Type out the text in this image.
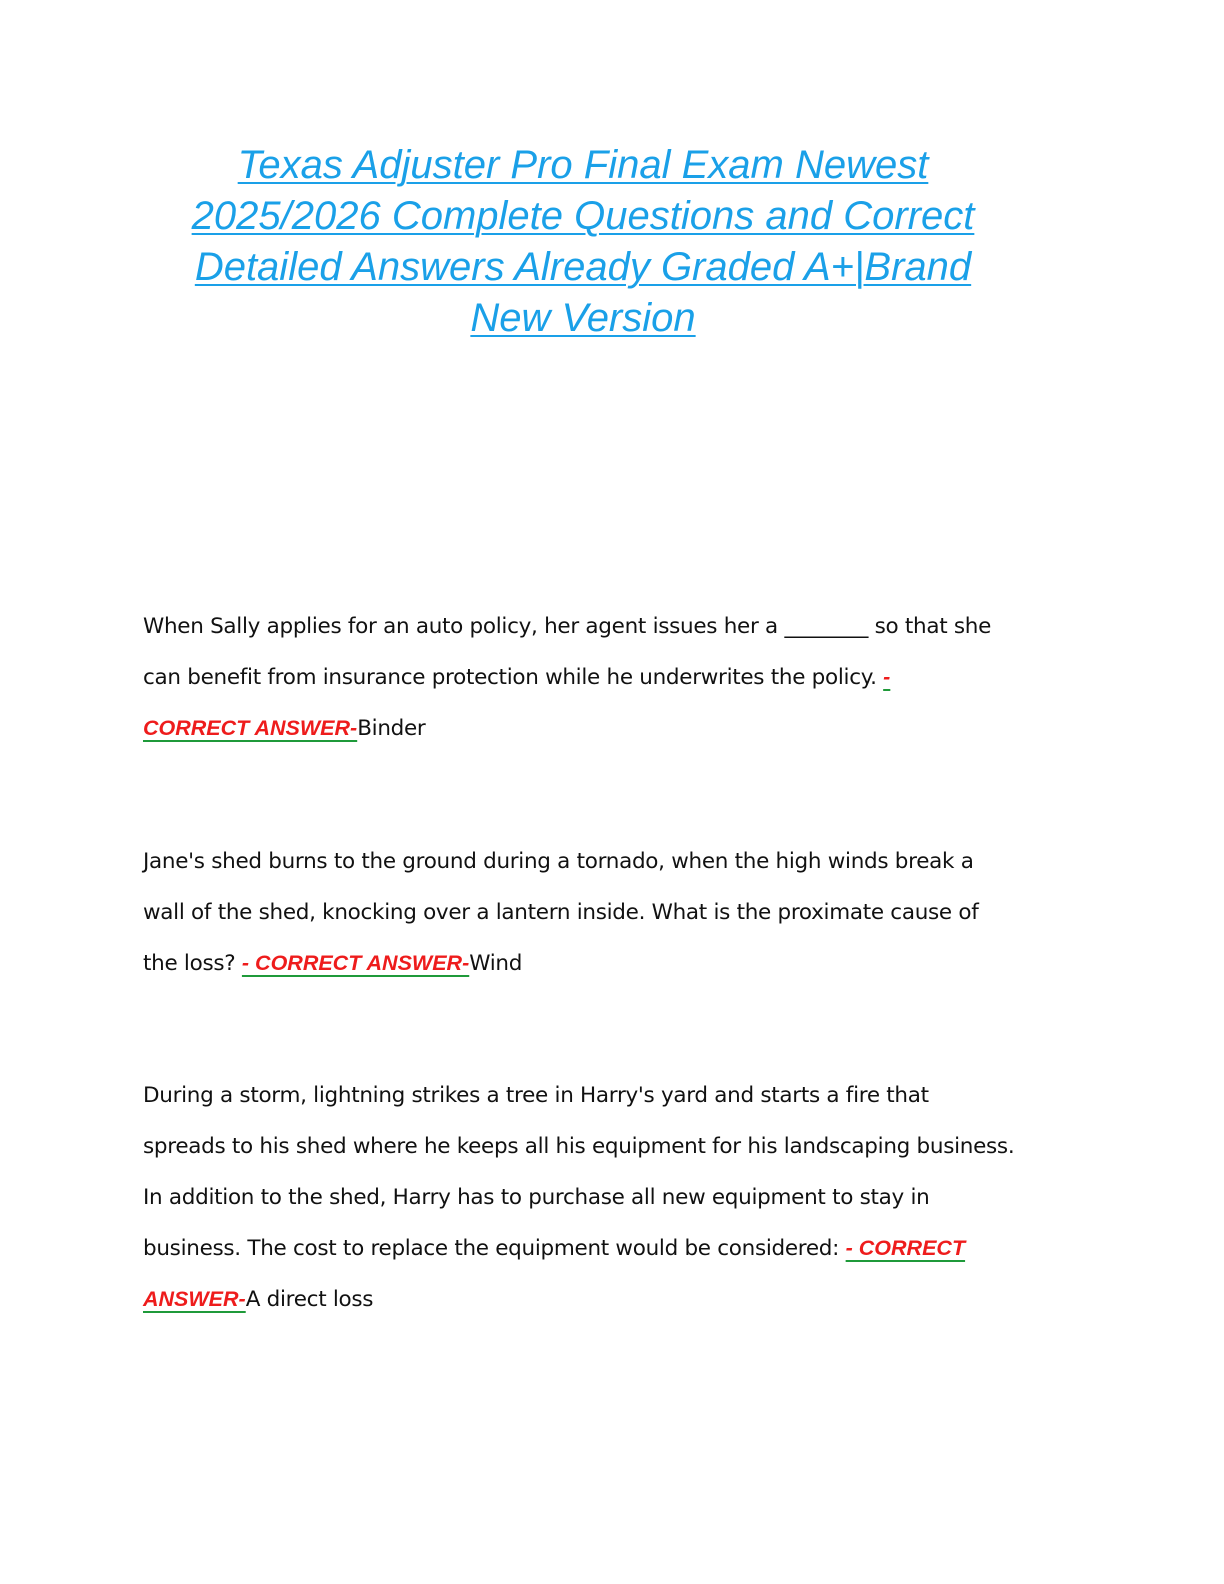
Texas Adjuster Pro Final Exam Newest
2025/2026 Complete Questions and Correct
Detailed Answers Already Graded A+|Brand
New Version
When Sally applies for an auto policy, her agent issues her a ________ so that she
can benefit from insurance protection while he underwrites the policy. -
CORRECT ANSWER-Binder
Jane's shed burns to the ground during a tornado, when the high winds break a
wall of the shed, knocking over a lantern inside. What is the proximate cause of
the loss? - CORRECT ANSWER-Wind
During a storm, lightning strikes a tree in Harry's yard and starts a fire that
spreads to his shed where he keeps all his equipment for his landscaping business.
In addition to the shed, Harry has to purchase all new equipment to stay in
business. The cost to replace the equipment would be considered: - CORRECT
ANSWER-A direct loss
